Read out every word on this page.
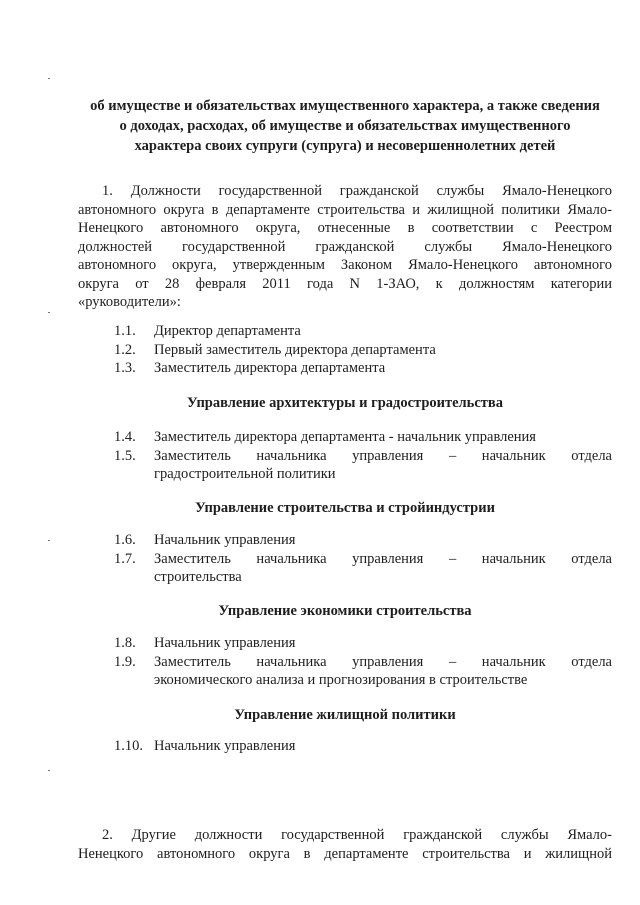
об имуществе и обязательствах имущественного характера, а также сведения
о доходах, расходах, об имуществе и обязательствах имущественного
характера своих супруги (супруга) и несовершеннолетних детей
1. Должности государственной гражданской службы Ямало-Ненецкого
автономного округа в департаменте строительства и жилищной политики Ямало-
Ненецкого автономного округа, отнесенные в соответствии с Реестром
должностей государственной гражданской службы Ямало-Ненецкого
автономного округа, утвержденным Законом Ямало-Ненецкого автономного
округа от 28 февраля 2011 года N 1-ЗАО, к должностям категории
«руководители»:
1.1.	Директор департамента
1.2.	Первый заместитель директора департамента
1.3.	Заместитель директора департамента
Управление архитектуры и градостроительства
1.4.	Заместитель директора департамента - начальник управления
1.5.	Заместитель начальника управления – начальник отдела
градостроительной политики
Управление строительства и стройиндустрии
1.6.	Начальник управления
1.7.	Заместитель начальника управления – начальник отдела
строительства
Управление экономики строительства
1.8.	Начальник управления
1.9.	Заместитель начальника управления – начальник отдела
экономического анализа и прогнозирования в строительстве
Управление жилищной политики
1.10. Начальник управления
2. Другие должности государственной гражданской службы Ямало-
Ненецкого автономного округа в департаменте строительства и жилищной
